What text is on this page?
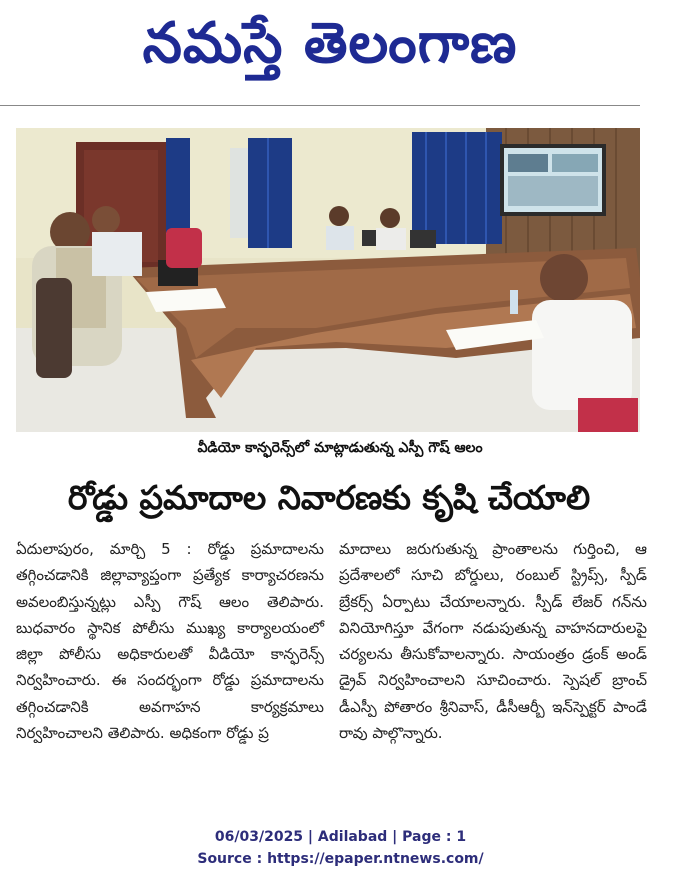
నమస్తే తెలంగాణ
వీడియో కాన్ఫరెన్స్‌లో మాట్లాడుతున్న ఎస్పీ గౌష్ ఆలం
రోడ్డు ప్రమాదాల నివారణకు కృషి చేయాలి

ఏదులాపురం, మార్చి 5 : రోడ్డు ప్రమాదాలను తగ్గించడానికి జిల్లావ్యాప్తంగా ప్రత్యేక కార్యాచరణను అవలంబిస్తున్నట్లు ఎస్పీ గౌష్ ఆలం తెలిపారు. బుధవారం స్థానిక పోలీసు ముఖ్య కార్యాలయంలో జిల్లా పోలీసు అధికారులతో వీడియో కాన్ఫరెన్స్ నిర్వహించారు. ఈ సందర్భంగా రోడ్డు ప్రమాదాలను తగ్గించడానికి అవగాహన కార్యక్రమాలు నిర్వహించాలని తెలిపారు. అధికంగా రోడ్డు ప్ర

మాదాలు జరుగుతున్న ప్రాంతాలను గుర్తించి, ఆ ప్రదేశాలలో సూచి బోర్డులు, రంబుల్ స్ట్రిప్స్, స్పీడ్ బ్రేకర్స్ ఏర్పాటు చేయాలన్నారు. స్పీడ్ లేజర్ గన్‌ను వినియోగిస్తూ వేగంగా నడుపుతున్న వాహనదారులపై చర్యలను తీసుకోవాలన్నారు. సాయంత్రం డ్రంక్ అండ్ డ్రైవ్ నిర్వహించాలని సూచించారు. స్పెషల్ బ్రాంచ్ డీఎస్పీ పోతారం శ్రీనివాస్, డీసీఆర్బీ ఇన్‌స్పెక్టర్ పాండే రావు పాల్గొన్నారు.

06/03/2025 | Adilabad | Page : 1
Source : https://epaper.ntnews.com/
